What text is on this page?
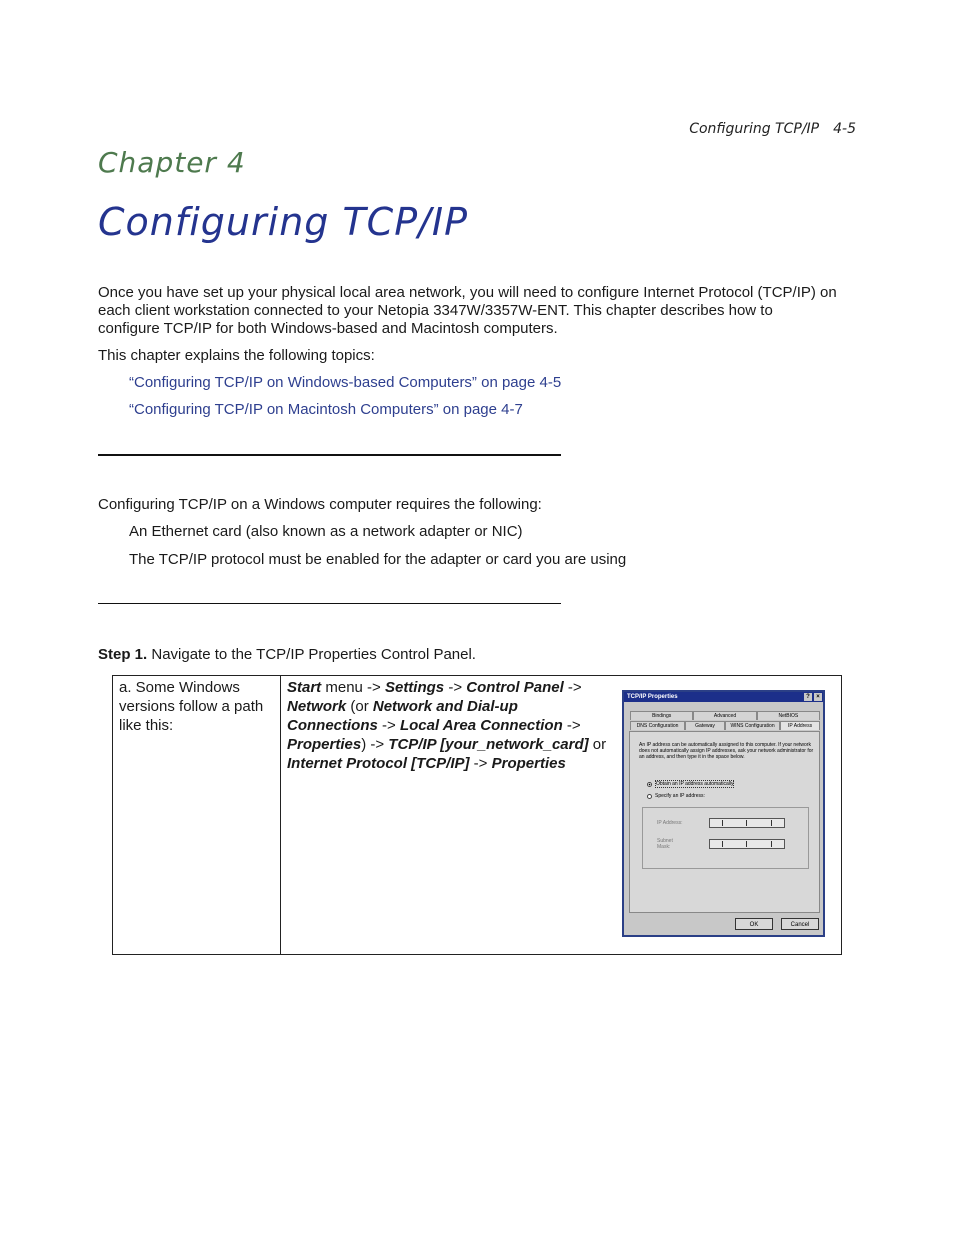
Configuring TCP/IP 4-5
Chapter 4
Configuring TCP/IP
Once you have set up your physical local area network, you will need to configure Internet Protocol (TCP/IP) on
each client workstation connected to your Netopia 3347W/3357W-ENT. This chapter describes how to
configure TCP/IP for both Windows-based and Macintosh computers.
This chapter explains the following topics:
“Configuring TCP/IP on Windows-based Computers” on page 4-5
“Configuring TCP/IP on Macintosh Computers” on page 4-7
Configuring TCP/IP on a Windows computer requires the following:
An Ethernet card (also known as a network adapter or NIC)
The TCP/IP protocol must be enabled for the adapter or card you are using
Step 1. Navigate to the TCP/IP Properties Control Panel.
a. Some Windows versions follow a path like this:	
Start menu -> Settings -> Control Panel -> Network (or Network and Dial-up Connections -> Local Area Connection -> Properties) -> TCP/IP [your_network_card] or Internet Protocol [TCP/IP] -> Properties
TCP/IP Properties	?	×
Bindings	Advanced	NetBIOS
DNS Configuration	Gateway	WINS Configuration	IP Address
An IP address can be automatically assigned to this computer. If your network does not automatically assign IP addresses, ask your network administrator for an address, and then type it in the space below.
Obtain an IP address automatically
Specify an IP address:
IP Address:
Subnet Mask:
OK	Cancel
